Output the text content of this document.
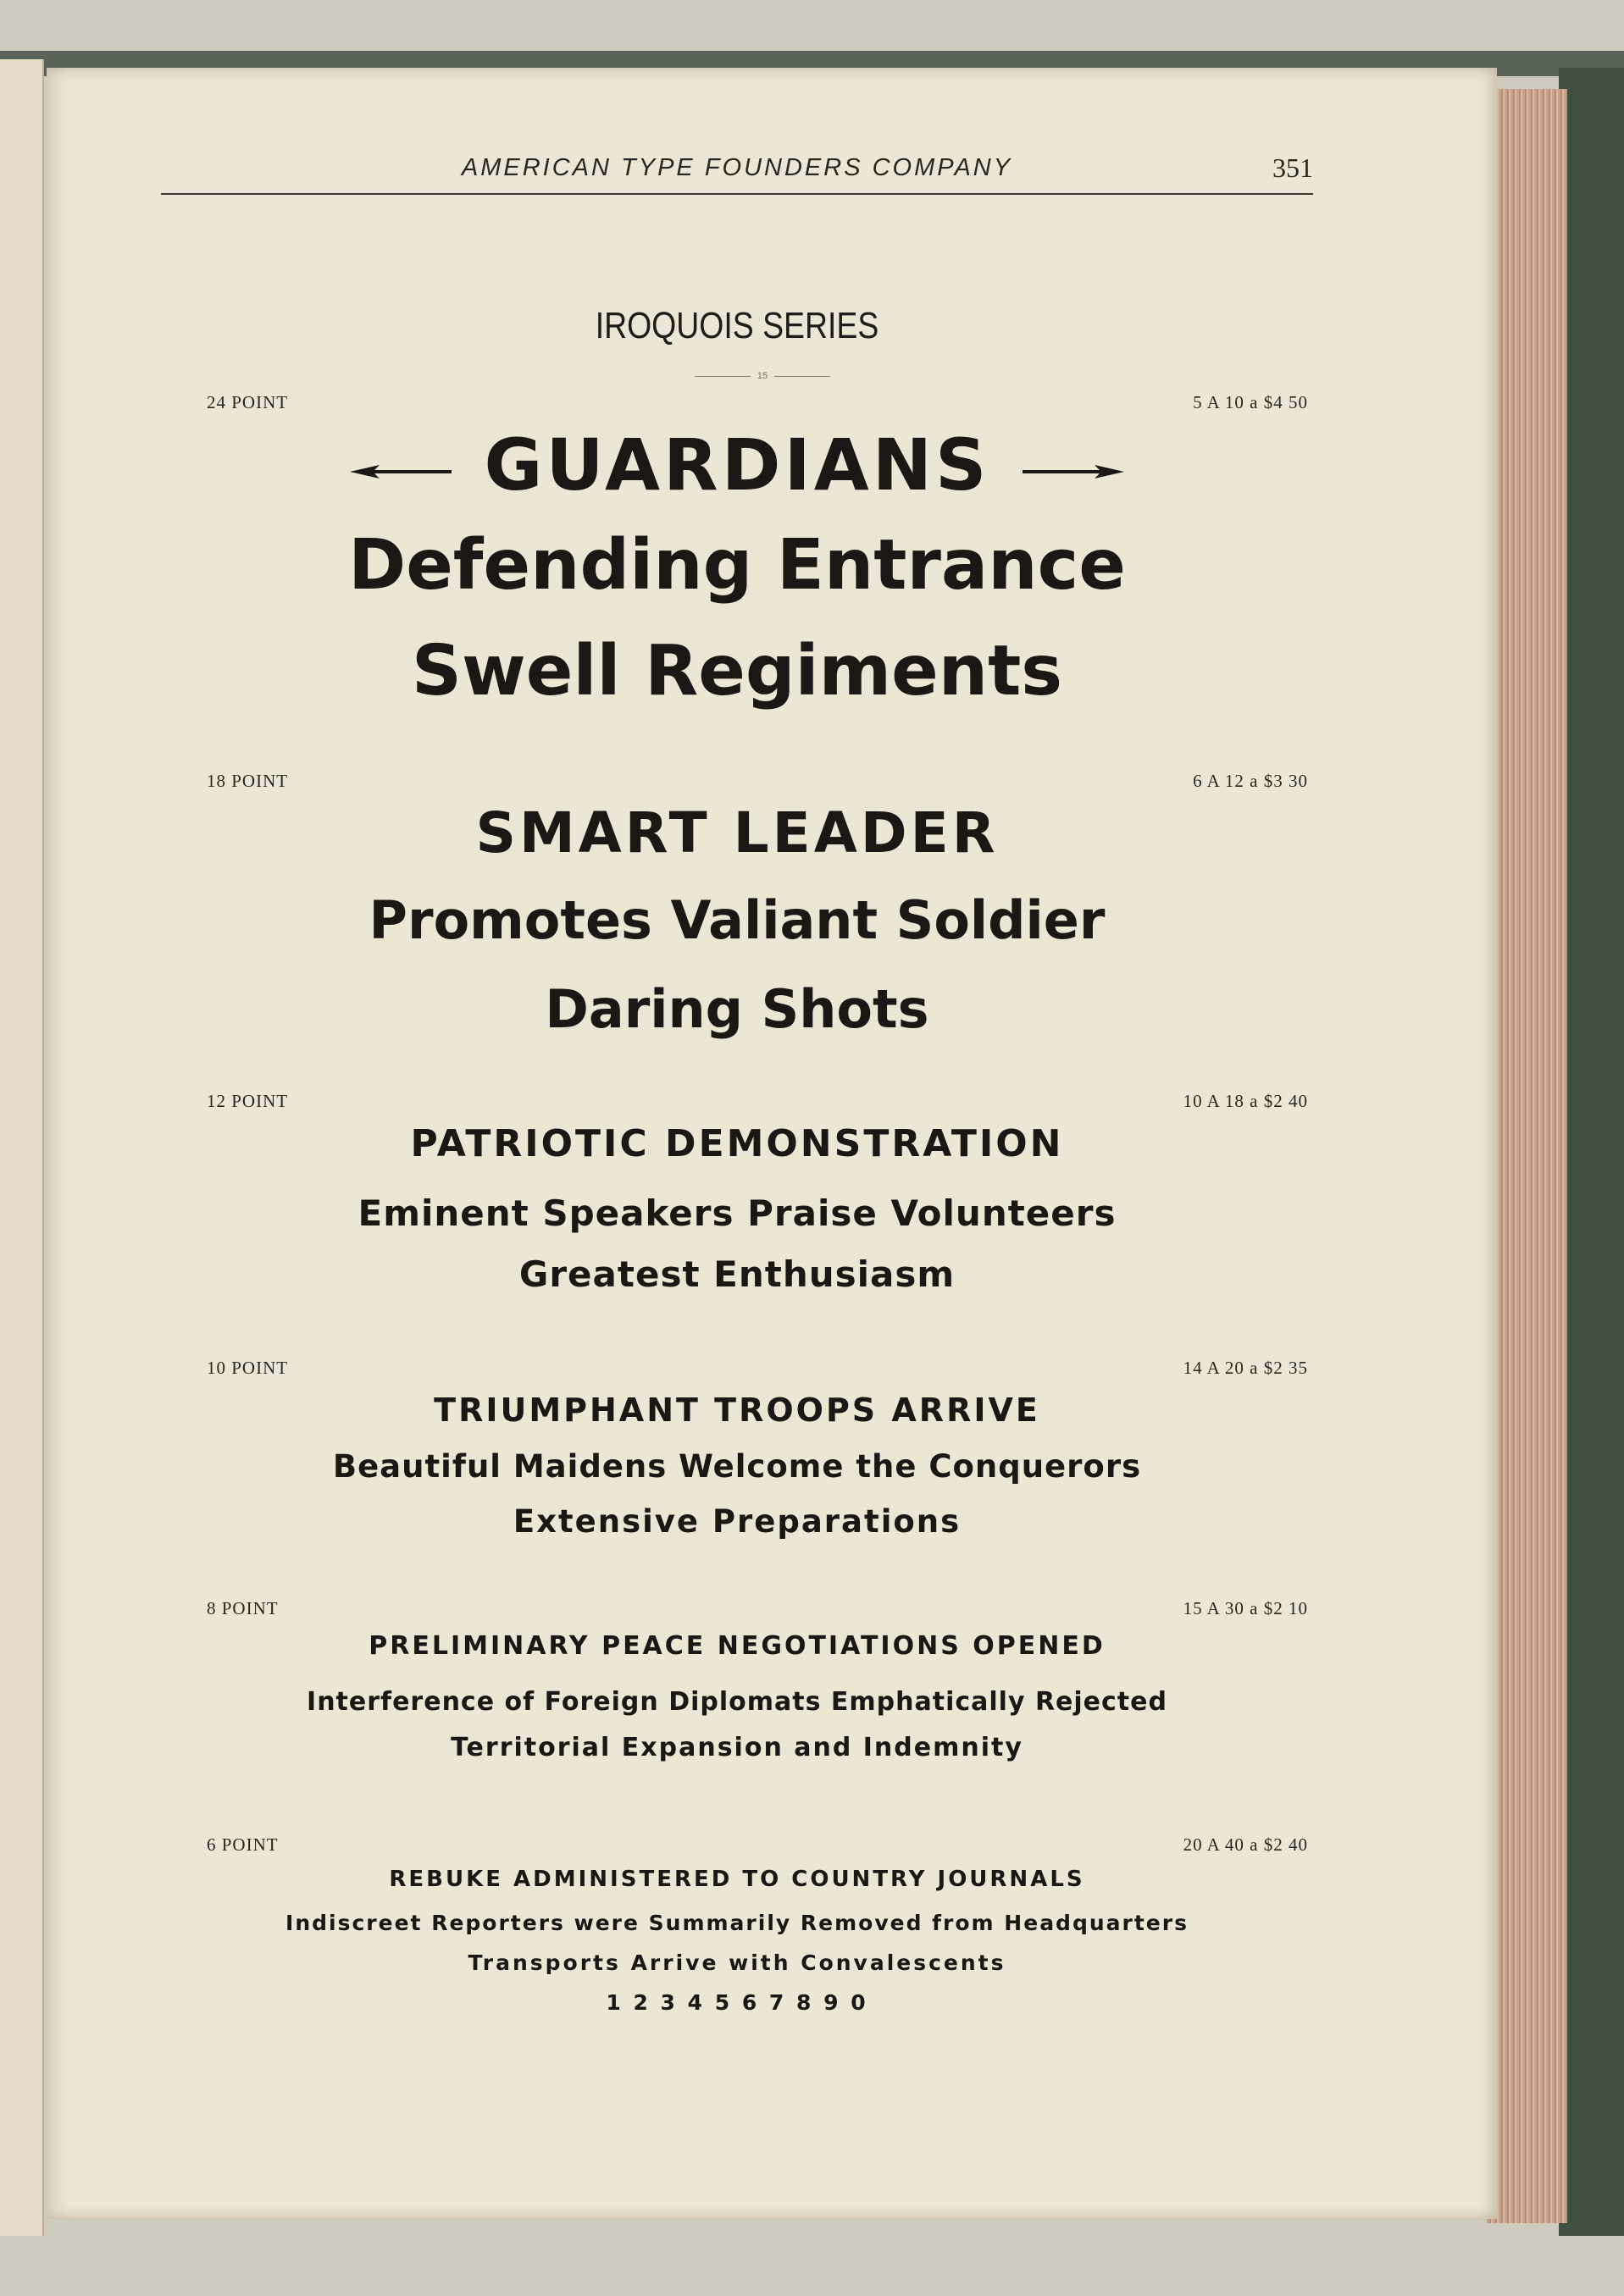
AMERICAN TYPE FOUNDERS COMPANY	351
IROQUOIS SERIES
15
24 POINT	5 A 10 a $4 50
GUARDIANS
Defending Entrance
Swell Regiments
18 POINT	6 A 12 a $3 30
SMART LEADER
Promotes Valiant Soldier
Daring Shots
12 POINT	10 A 18 a $2 40
PATRIOTIC DEMONSTRATION
Eminent Speakers Praise Volunteers
Greatest Enthusiasm
10 POINT	14 A 20 a $2 35
TRIUMPHANT TROOPS ARRIVE
Beautiful Maidens Welcome the Conquerors
Extensive Preparations
8 POINT	15 A 30 a $2 10
PRELIMINARY PEACE NEGOTIATIONS OPENED
Interference of Foreign Diplomats Emphatically Rejected
Territorial Expansion and Indemnity
6 POINT	20 A 40 a $2 40
REBUKE ADMINISTERED TO COUNTRY JOURNALS
Indiscreet Reporters were Summarily Removed from Headquarters
Transports Arrive with Convalescents
1 2 3 4 5 6 7 8 9 0
